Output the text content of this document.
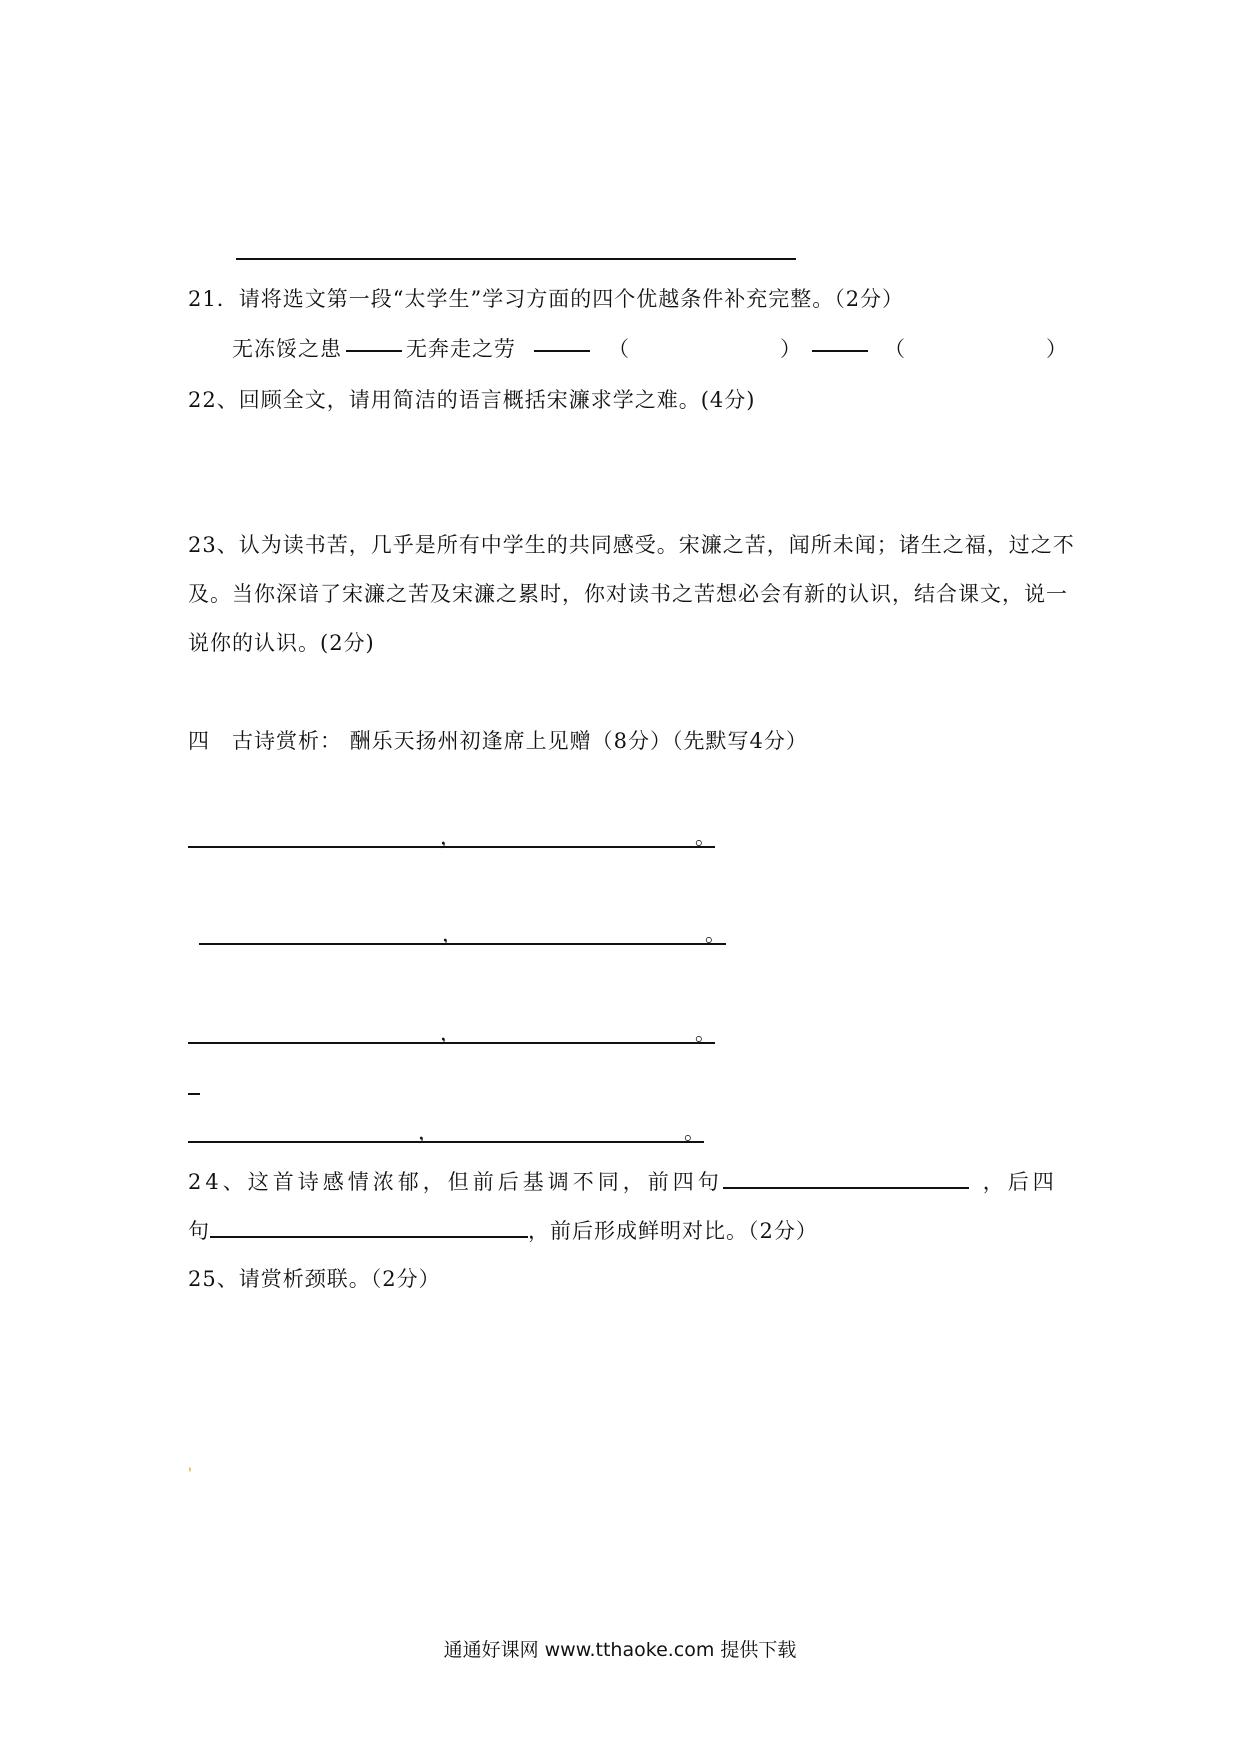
21．请将选文第一段“太学生”学习方面的四个优越条件补充完整。（2分）
无冻馁之患	无奔走之劳	（	）	（	）
22、回顾全文，请用简洁的语言概括宋濂求学之难。(4分)
23、认为读书苦，几乎是所有中学生的共同感受。宋濂之苦，闻所未闻；诸生之福，过之不
及。当你深谙了宋濂之苦及宋濂之累时，你对读书之苦想必会有新的认识，结合课文，说一
说你的认识。(2分)
四　古诗赏析： 酬乐天扬州初逢席上见赠（8分）（先默写4分）
，	。
，	。
，	。
，	。
24、这首诗感情浓郁，但前后基调不同，前四句	，后四
句	，前后形成鲜明对比。（2分）
25、请赏析颈联。（2分）
'
通通好课网 www.tthaoke.com 提供下载
